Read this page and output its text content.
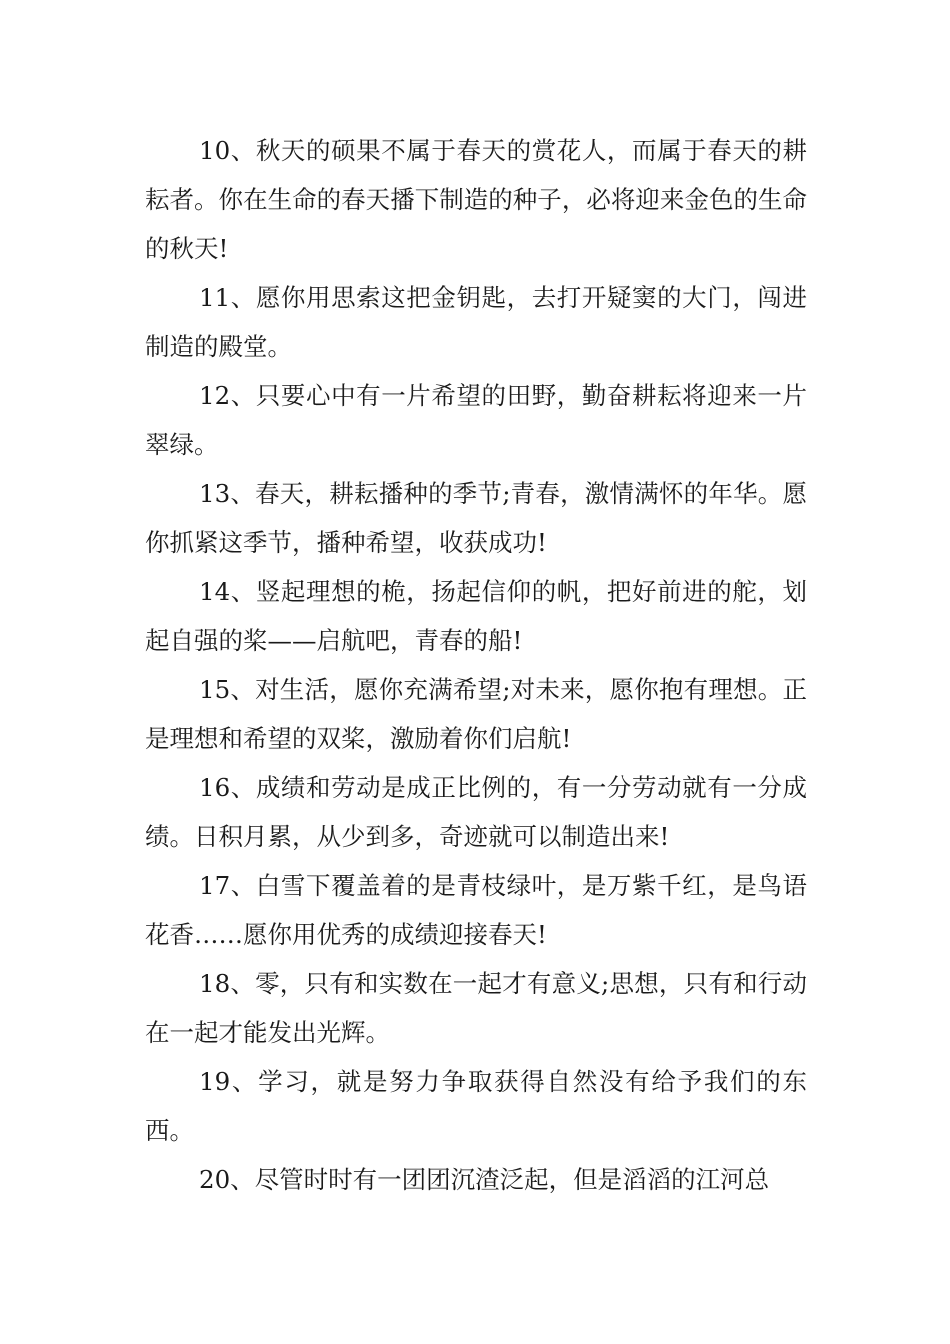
10、秋天的硕果不属于春天的赏花人，而属于春天的耕耘者。你在生命的春天播下制造的种子，必将迎来金色的生命的秋天!

11、愿你用思索这把金钥匙，去打开疑窦的大门，闯进制造的殿堂。

12、只要心中有一片希望的田野，勤奋耕耘将迎来一片翠绿。

13、春天，耕耘播种的季节;青春，激情满怀的年华。愿你抓紧这季节，播种希望，收获成功!

14、竖起理想的桅，扬起信仰的帆，把好前进的舵，划起自强的桨——启航吧，青春的船!

15、对生活，愿你充满希望;对未来，愿你抱有理想。正是理想和希望的双桨，激励着你们启航!

16、成绩和劳动是成正比例的，有一分劳动就有一分成绩。日积月累，从少到多，奇迹就可以制造出来!

17、白雪下覆盖着的是青枝绿叶，是万紫千红，是鸟语花香……愿你用优秀的成绩迎接春天!

18、零，只有和实数在一起才有意义;思想，只有和行动在一起才能发出光辉。

19、学习，就是努力争取获得自然没有给予我们的东西。

20、尽管时时有一团团沉渣泛起，但是滔滔的江河总
